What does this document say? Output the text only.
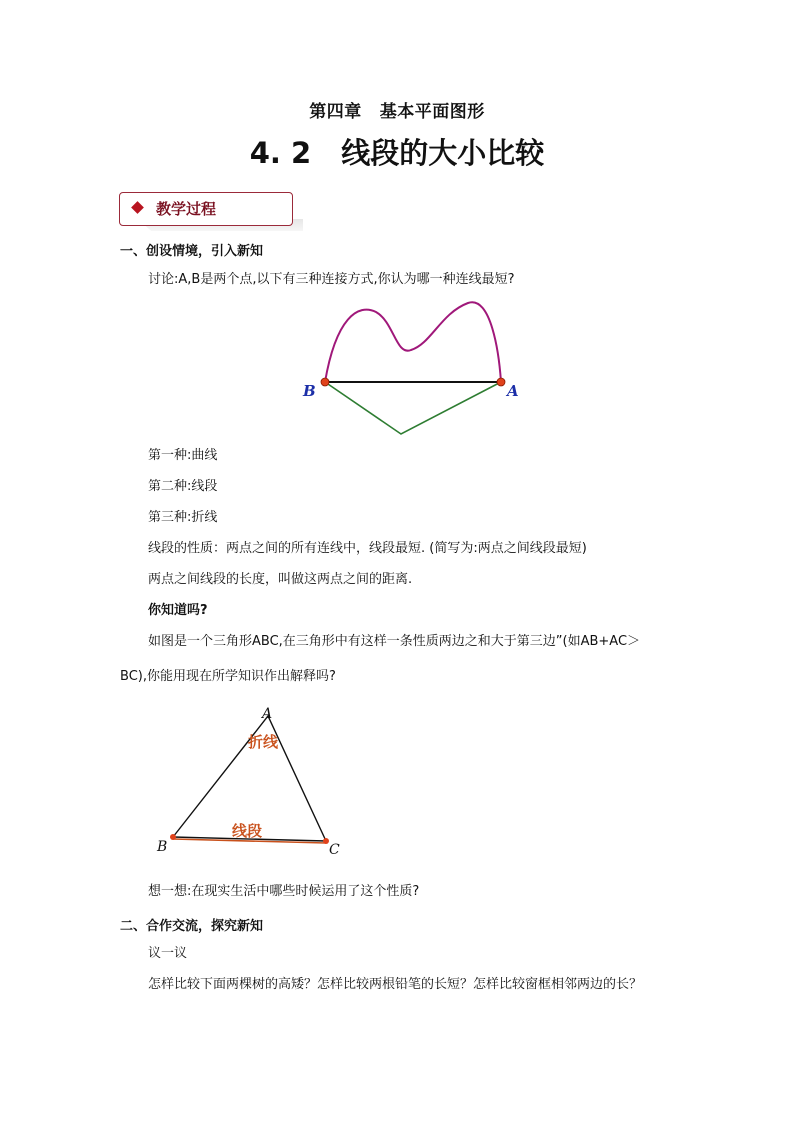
第四章 基本平面图形
4. 2 线段的大小比较
教学过程
一、创设情境，引入新知
讨论:A,B是两个点,以下有三种连接方式,你认为哪一种连线最短?
B	A
第一种:曲线
第二种:线段
第三种:折线
线段的性质：两点之间的所有连线中，线段最短. (简写为:两点之间线段最短)
两点之间线段的长度，叫做这两点之间的距离.
你知道吗?
如图是一个三角形ABC,在三角形中有这样一条性质两边之和大于第三边”(如AB+AC＞
BC),你能用现在所学知识作出解释吗?
A
B	C
折线
线段
想一想:在现实生活中哪些时候运用了这个性质?
二、合作交流，探究新知
议一议
怎样比较下面两棵树的高矮？怎样比较两根铅笔的长短？怎样比较窗框相邻两边的长？
